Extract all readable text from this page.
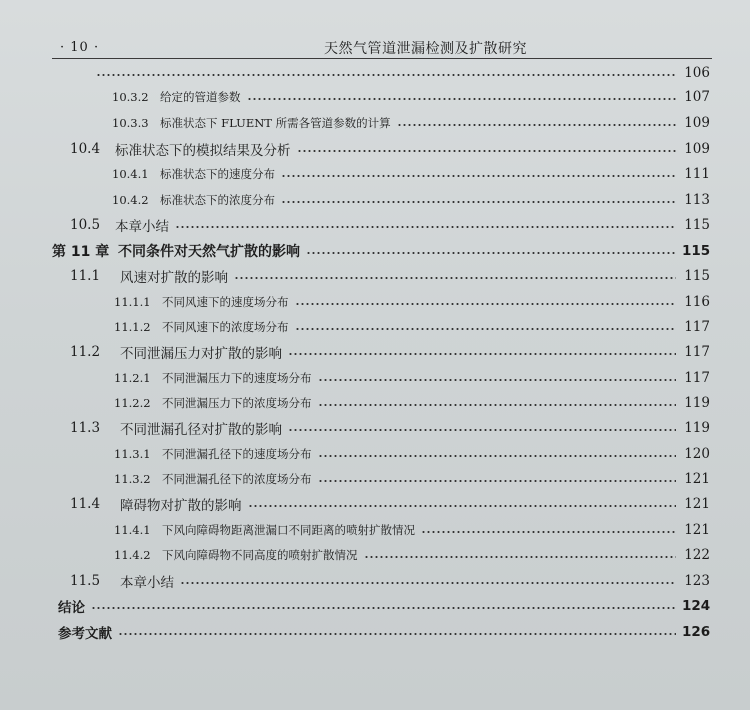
· 10 ·	天然气管道泄漏检测及扩散研究
106
10.3.2 给定的管道参数	107
10.3.3 标准状态下 FLUENT 所需各管道参数的计算	109
10.4	标准状态下的模拟结果及分析	109
10.4.1 标准状态下的速度分布	111
10.4.2 标准状态下的浓度分布	113
10.5	本章小结	115
第 11 章 不同条件对天然气扩散的影响	115
11.1	风速对扩散的影响	115
11.1.1 不同风速下的速度场分布	116
11.1.2 不同风速下的浓度场分布	117
11.2	不同泄漏压力对扩散的影响	117
11.2.1 不同泄漏压力下的速度场分布	117
11.2.2 不同泄漏压力下的浓度场分布	119
11.3	不同泄漏孔径对扩散的影响	119
11.3.1 不同泄漏孔径下的速度场分布	120
11.3.2 不同泄漏孔径下的浓度场分布	121
11.4	障碍物对扩散的影响	121
11.4.1 下风向障碍物距离泄漏口不同距离的喷射扩散情况	121
11.4.2 下风向障碍物不同高度的喷射扩散情况	122
11.5	本章小结	123
结论	124
参考文献	126
